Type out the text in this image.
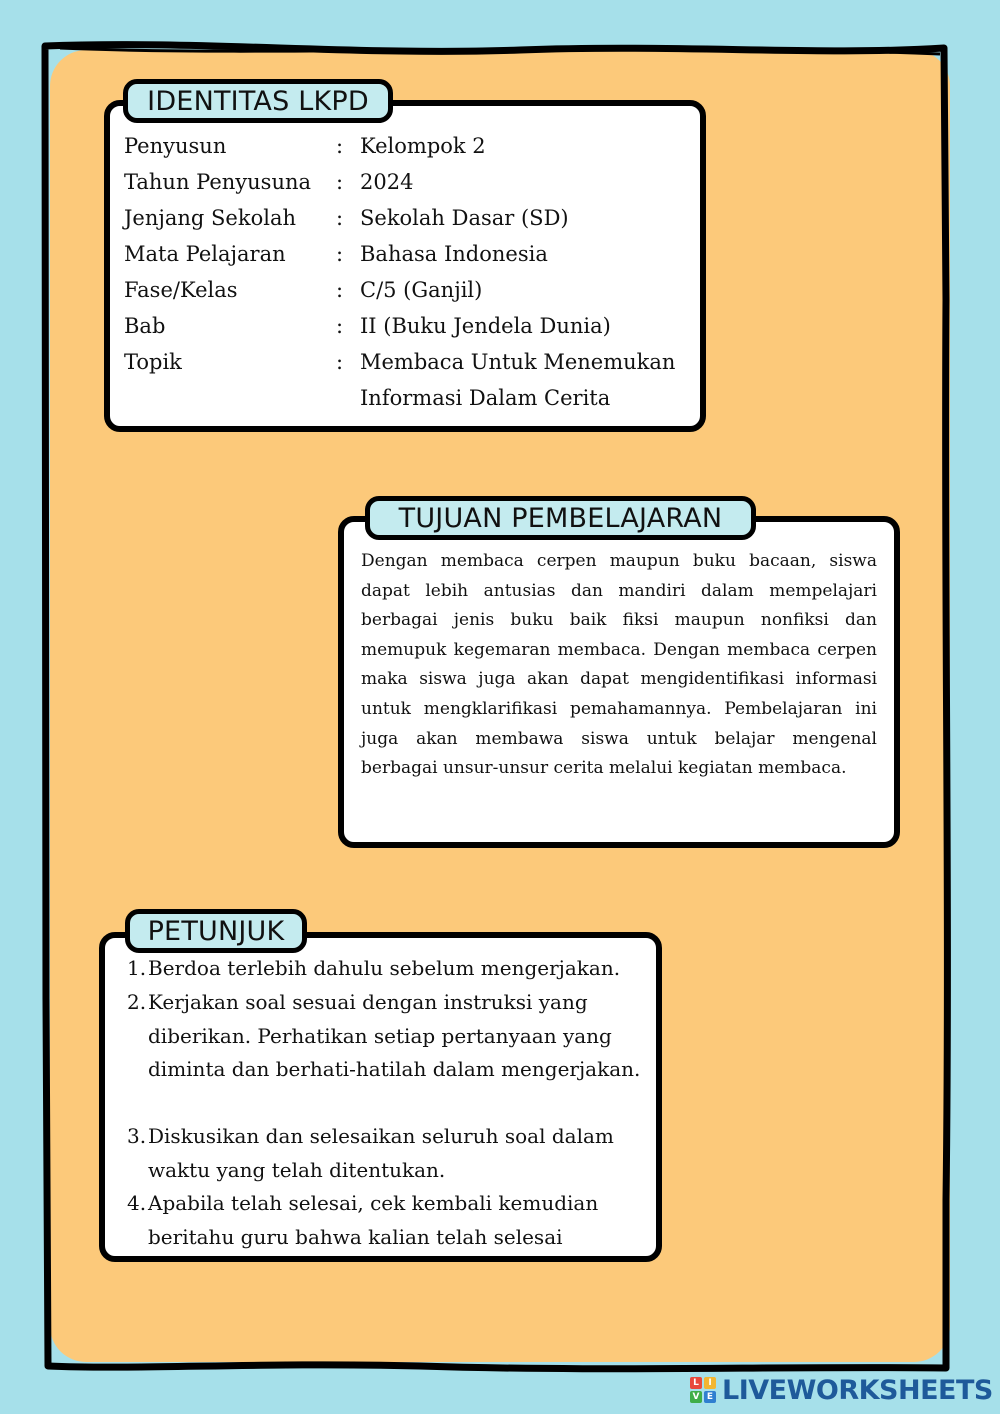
IDENTITAS LKPD
Penyusun	: Kelompok 2
Tahun Penyusuna : 2024
Jenjang Sekolah : Sekolah Dasar (SD)
Mata Pelajaran : Bahasa Indonesia
Fase/Kelas	: C/5 (Ganjil)
Bab	: II (Buku Jendela Dunia)
Topik	: Membaca Untuk Menemukan
Informasi Dalam Cerita
TUJUAN PEMBELAJARAN

Dengan membaca cerpen maupun buku bacaan, siswa dapat lebih antusias dan mandiri dalam mempelajari berbagai jenis buku baik fiksi maupun nonfiksi dan memupuk kegemaran membaca. Dengan membaca cerpen maka siswa juga akan dapat mengidentifikasi informasi untuk mengklarifikasi pemahamannya. Pembelajaran ini juga akan membawa siswa untuk belajar mengenal berbagai unsur-unsur cerita melalui kegiatan membaca.

PETUNJUK
1. Berdoa terlebih dahulu sebelum mengerjakan.
2. Kerjakan soal sesuai dengan instruksi yang diberikan. Perhatikan setiap pertanyaan yang diminta dan berhati-hatilah dalam mengerjakan.
3. Diskusikan dan selesaikan seluruh soal dalam waktu yang telah ditentukan.
4. Apabila telah selesai, cek kembali kemudian beritahu guru bahwa kalian telah selesai
L	I
V E LIVEWORKSHEETS
